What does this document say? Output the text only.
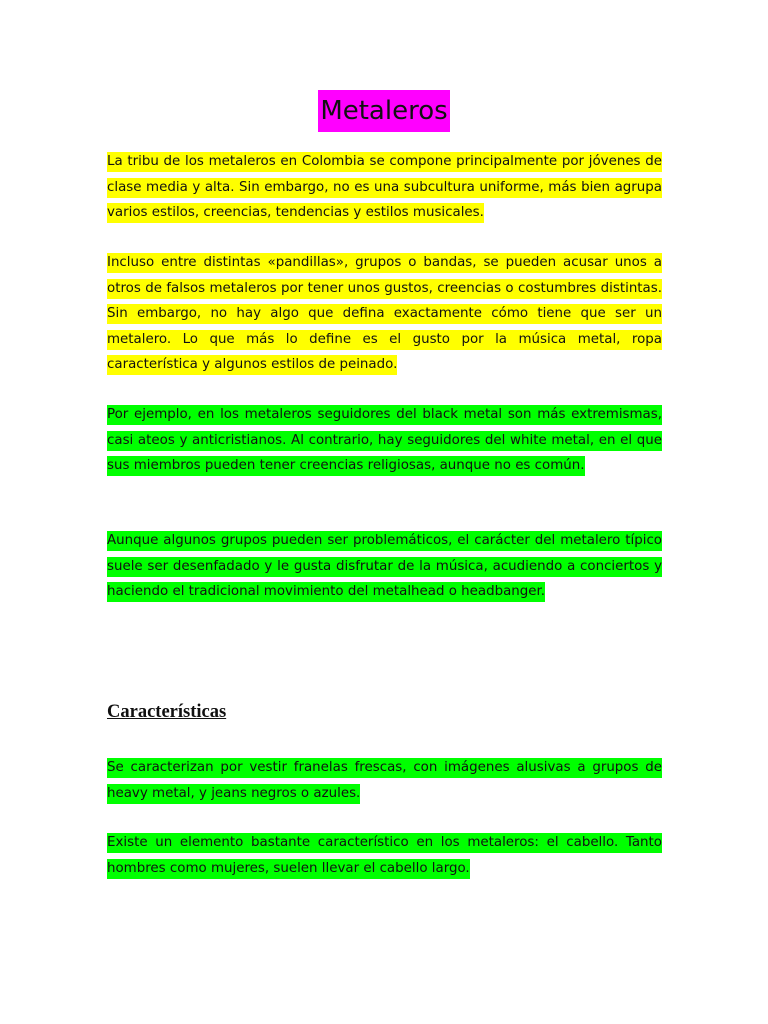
Metaleros

La tribu de los metaleros en Colombia se compone principalmente por jóvenes de clase media y alta. Sin embargo, no es una subcultura uniforme, más bien agrupa varios estilos, creencias, tendencias y estilos musicales.

Incluso entre distintas «pandillas», grupos o bandas, se pueden acusar unos a otros de falsos metaleros por tener unos gustos, creencias o costumbres distintas. Sin embargo, no hay algo que defina exactamente cómo tiene que ser un metalero. Lo que más lo define es el gusto por la música metal, ropa característica y algunos estilos de peinado.

Por ejemplo, en los metaleros seguidores del black metal son más extremismas, casi ateos y anticristianos. Al contrario, hay seguidores del white metal, en el que sus miembros pueden tener creencias religiosas, aunque no es común.

Aunque algunos grupos pueden ser problemáticos, el carácter del metalero típico suele ser desenfadado y le gusta disfrutar de la música, acudiendo a conciertos y haciendo el tradicional movimiento del metalhead o headbanger.

Características

Se caracterizan por vestir franelas frescas, con imágenes alusivas a grupos de heavy metal, y jeans negros o azules.

Existe un elemento bastante característico en los metaleros: el cabello. Tanto hombres como mujeres, suelen llevar el cabello largo.
